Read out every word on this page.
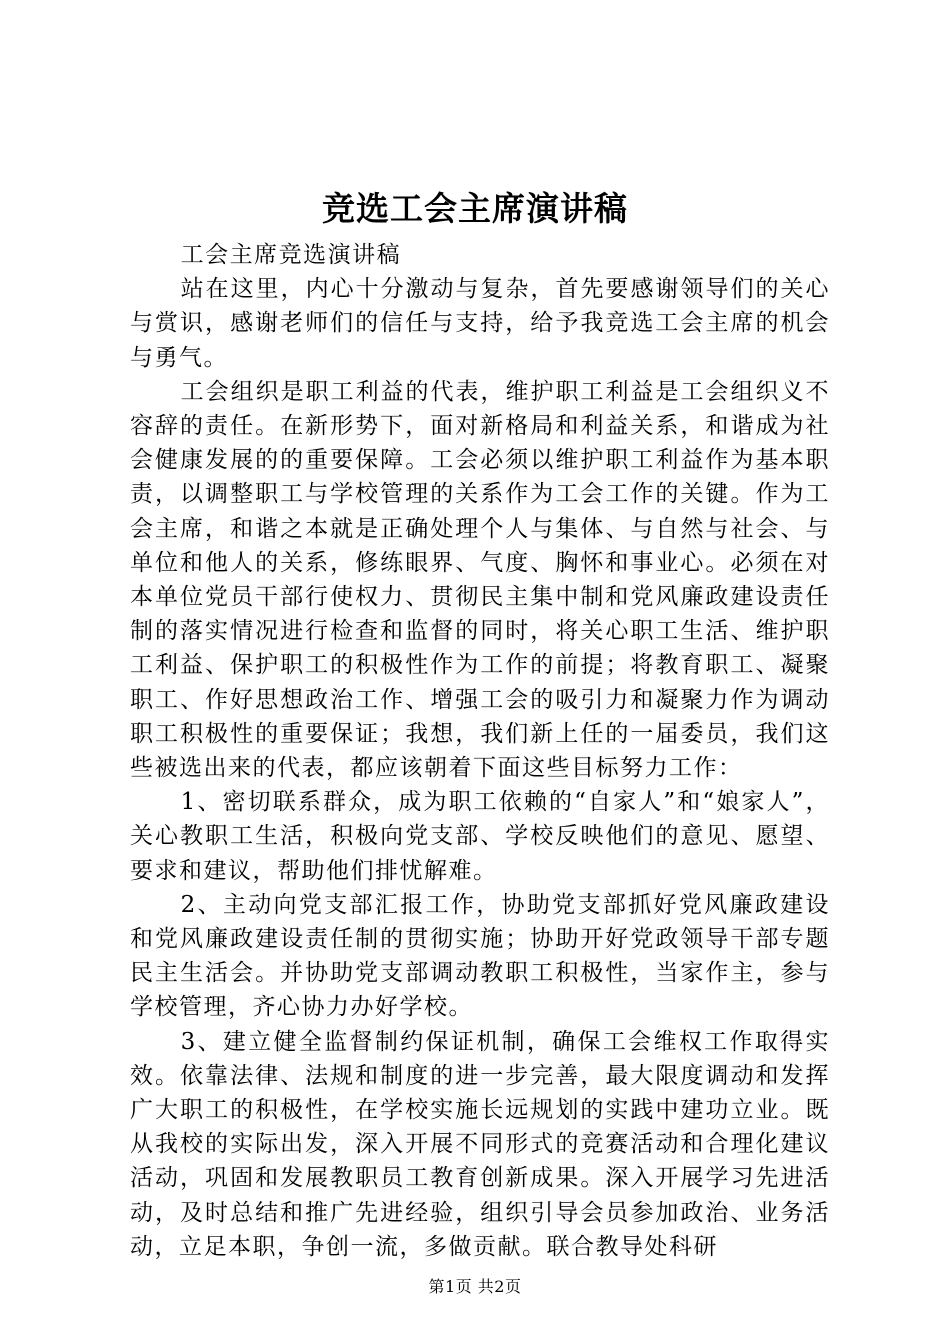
竞选工会主席演讲稿

工会主席竞选演讲稿

站在这里，内心十分激动与复杂，首先要感谢领导们的关心与赏识，感谢老师们的信任与支持，给予我竞选工会主席的机会与勇气。

工会组织是职工利益的代表，维护职工利益是工会组织义不容辞的责任。在新形势下，面对新格局和利益关系，和谐成为社会健康发展的的重要保障。工会必须以维护职工利益作为基本职责，以调整职工与学校管理的关系作为工会工作的关键。作为工会主席，和谐之本就是正确处理个人与集体、与自然与社会、与单位和他人的关系，修练眼界、气度、胸怀和事业心。必须在对本单位党员干部行使权力、贯彻民主集中制和党风廉政建设责任制的落实情况进行检查和监督的同时，将关心职工生活、维护职工利益、保护职工的积极性作为工作的前提；将教育职工、凝聚职工、作好思想政治工作、增强工会的吸引力和凝聚力作为调动职工积极性的重要保证；我想，我们新上任的一届委员，我们这些被选出来的代表，都应该朝着下面这些目标努力工作：

1、密切联系群众，成为职工依赖的“自家人”和“娘家人”，关心教职工生活，积极向党支部、学校反映他们的意见、愿望、要求和建议，帮助他们排忧解难。

2、主动向党支部汇报工作，协助党支部抓好党风廉政建设和党风廉政建设责任制的贯彻实施；协助开好党政领导干部专题民主生活会。并协助党支部调动教职工积极性，当家作主，参与学校管理，齐心协力办好学校。

3、建立健全监督制约保证机制，确保工会维权工作取得实效。依靠法律、法规和制度的进一步完善，最大限度调动和发挥广大职工的积极性，在学校实施长远规划的实践中建功立业。既从我校的实际出发，深入开展不同形式的竞赛活动和合理化建议活动，巩固和发展教职员工教育创新成果。深入开展学习先进活动，及时总结和推广先进经验，组织引导会员参加政治、业务活动，立足本职，争创一流，多做贡献。联合教导处科研

第1页 共2页
